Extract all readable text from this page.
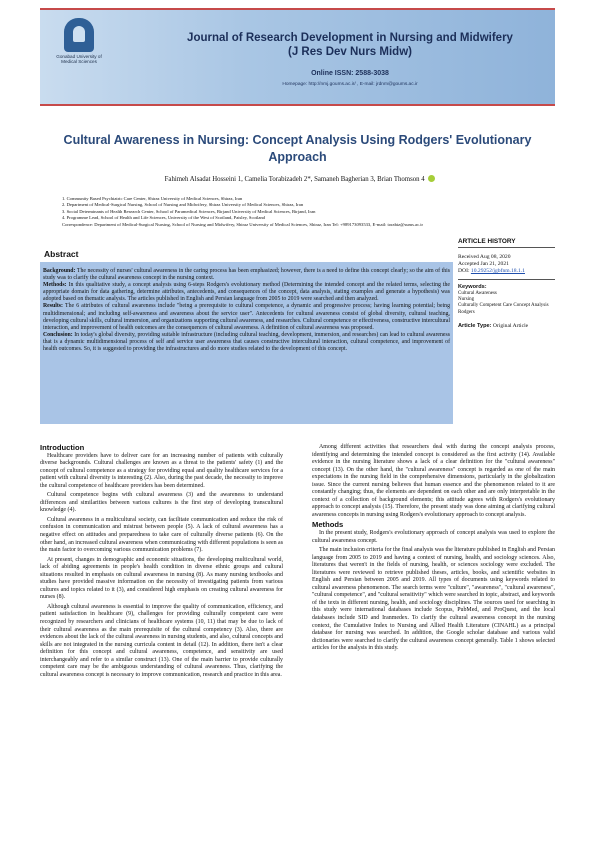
Gonabad University of Medical Sciences
Journal of Research Development in Nursing and Midwifery
(J Res Dev Nurs Midw)
Online ISSN: 2588-3038
Homepage: http://nmj.goums.ac.ir/ , E-mail: jrdnm@goums.ac.ir
Cultural Awareness in Nursing: Concept Analysis Using Rodgers' Evolutionary Approach
Fahimeh Alsadat Hosseini 1, Camelia Torabizadeh 2*, Samaneh Bagherian 3, Brian Thomson 4
1. Community Based Psychiatric Care Center, Shiraz University of Medical Sciences, Shiraz, Iran
2. Department of Medical-Surgical Nursing, School of Nursing and Midwifery, Shiraz University of Medical Sciences, Shiraz, Iran
3. Social Determinants of Health Research Center, School of Paramedical Sciences, Birjand University of Medical Sciences, Birjand, Iran
4. Programme Lead, School of Health and Life Sciences, University of the West of Scotland, Paisley, Scotland
Correspondence: Department of Medical-Surgical Nursing, School of Nursing and Midwifery, Shiraz University of Medical Sciences, Shiraz, Iran Tel: +989173093533, E-mail: torabiz@sums.ac.ir
Abstract
Background: The necessity of nurses' cultural awareness in the caring process has been emphasized; however, there is a need to define this concept clearly; so the aim of this study was to clarify the cultural awareness concept in the nursing context.
Methods: In this qualitative study, a concept analysis using 6-steps Rodgers's evolutionary method (Determining the intended concept and the related terms, selecting the appropriate domain for data gathering, determine attributes, antecedents, and consequences of the concept, data analysis, stating examples and generate a hypothesis) was adopted based on thematic analysis. The articles published in English and Persian language from 2005 to 2019 were searched and then analyzed.
Results: The 6 attributes of cultural awareness include "being a prerequisite to cultural competence, a dynamic and progressive process; having learning potential; being multidimensional; and including self-awareness and awareness about the service user". Antecedents for cultural awareness consist of global diversity, cultural teaching, developing cultural skills, cultural immersion, and organizations supporting cultural awareness, and researches. Cultural competence or effectiveness, constructive intercultural interaction, and improvement of health outcomes are the consequences of cultural awareness. A definition of cultural awareness was proposed.
Conclusion: In today's global diversity, providing suitable infrastructure (including cultural teaching, development, immersion, and researches) can lead to cultural awareness that is a dynamic multidimensional process of self and service user awareness that causes constructive intercultural interaction, cultural competence, and improvement of health outcomes. So, it is suggested to providing the infrastructures and do more studies related to the development of this concept.
ARTICLE HISTORY
Received Aug 08, 2020
Accepted Jan 21, 2021
DOI: 10.29252/jgbfnm.18.1.1
Keywords:
Cultural Awareness
Nursing
Culturally Competent Care Concept Analysis
Rodgers
Article Type: Original Article
Introduction

Healthcare providers have to deliver care for an increasing number of patients with culturally diverse backgrounds. Cultural challenges are known as a threat to the patients' safety (1) and the concept of cultural competence as a strategy for providing equal and quality healthcare services for a patient with cultural diversity is interesting (2). Also, during the past decade, the necessity to improve the cultural competence of healthcare providers has been determined.

Cultural competence begins with cultural awareness (3) and the awareness to understand differences and similarities between various cultures is the first step of developing transcultural knowledge (4).

Cultural awareness in a multicultural society, can facilitate communication and reduce the risk of confusion in communication and mistrust between people (5). A lack of cultural awareness has a negative effect on attitudes and preparedness to take care of culturally diverse patients (6). On the other hand, an increased cultural awareness when communicating with different populations is seen as the main factor to overcoming various communication problems (7).

At present, changes in demographic and economic situations, the developing multicultural world, lack of abiding agreements in people's health condition in diverse ethnic groups and cultural situations resulted in emphasis on cultural awareness in nursing (8). As many nursing textbooks and studies have provided massive information on the necessity of investigating patients from various cultures and topics related to it (3), and considered high emphasis on creating cultural awareness for nurses (8).

Although cultural awareness is essential to improve the quality of communication, efficiency, and patient satisfaction in healthcare (9), challenges for providing culturally competent care were recognized by researchers and clinicians of healthcare systems (10, 11) that may be due to lack of their cultural awareness as the main prerequisite of the cultural competency (3). Also, there are evidences about the lack of the cultural awareness in nursing students, and also, cultural concepts and skills are not integrated in the nursing curricula content in detail (12). In addition, there isn't a clear definition for this concept and cultural awareness, competence, and sensitivity are used interchangeably and refer to a similar construct (13). One of the main barrier to provide culturally competent care may be the ambiguous understanding of cultural awareness. Thus, clarifying the cultural awareness concept is necessary to improve communication, research and practice in this area.

Among different activities that researchers deal with during the concept analysis process, identifying and determining the intended concept is considered as the first activity (14). Available evidence in the nursing literature shows a lack of a clear definition for the "cultural awareness" concept (13). On the other hand, the "cultural awareness" concept is regarded as one of the main expectations in the nursing field in the comprehensive dimensions, particularly in the globalization issue. Since the current nursing believes that human essence and the phenomenon related to it are constantly changing; thus, the elements are dependent on each other and are only interpretable in the context of a collection of background elements; this attitude agrees with Rodgers's evolutionary approach to concept analysis (15). Therefore, the present study was done aiming at clarifying cultural awareness concepts in nursing using Rodgers's evolutionary approach to concept analysis.

Methods

In the present study, Rodgers's evolutionary approach of concept analysis was used to explore the cultural awareness concept.

The main inclusion criteria for the final analysis was the literature published in English and Persian language from 2005 to 2019 and having a context of nursing, health, and sociology sciences. Also, literatures that weren't in the fields of nursing, health, or sciences sociology were excluded. The literatures were reviewed to retrieve published theses, articles, books, and scientific websites in English and Persian between 2005 and 2019. All types of documents using keywords related to cultural awareness phenomenon. The search terms were "culture", "awareness", "cultural awareness", "cultural competence", and "cultural sensitivity" which were searched in topic, abstract, and keywords of the texts in different nursing, health, and sociology disciplines. The sources used for searching in this study were international databases include Scopus, PubMed, and ProQuest, and the local databases include SID and Iranmedex. To clarify the cultural awareness concept in the nursing context, the Cumulative Index to Nursing and Allied Health Literature (CINAHL) as a principal database for nursing was searched. In addition, the Google scholar database and various valid dictionaries were searched to clarify the cultural awareness concept generally. Table 1 shows selected articles for the analysis in this study.
